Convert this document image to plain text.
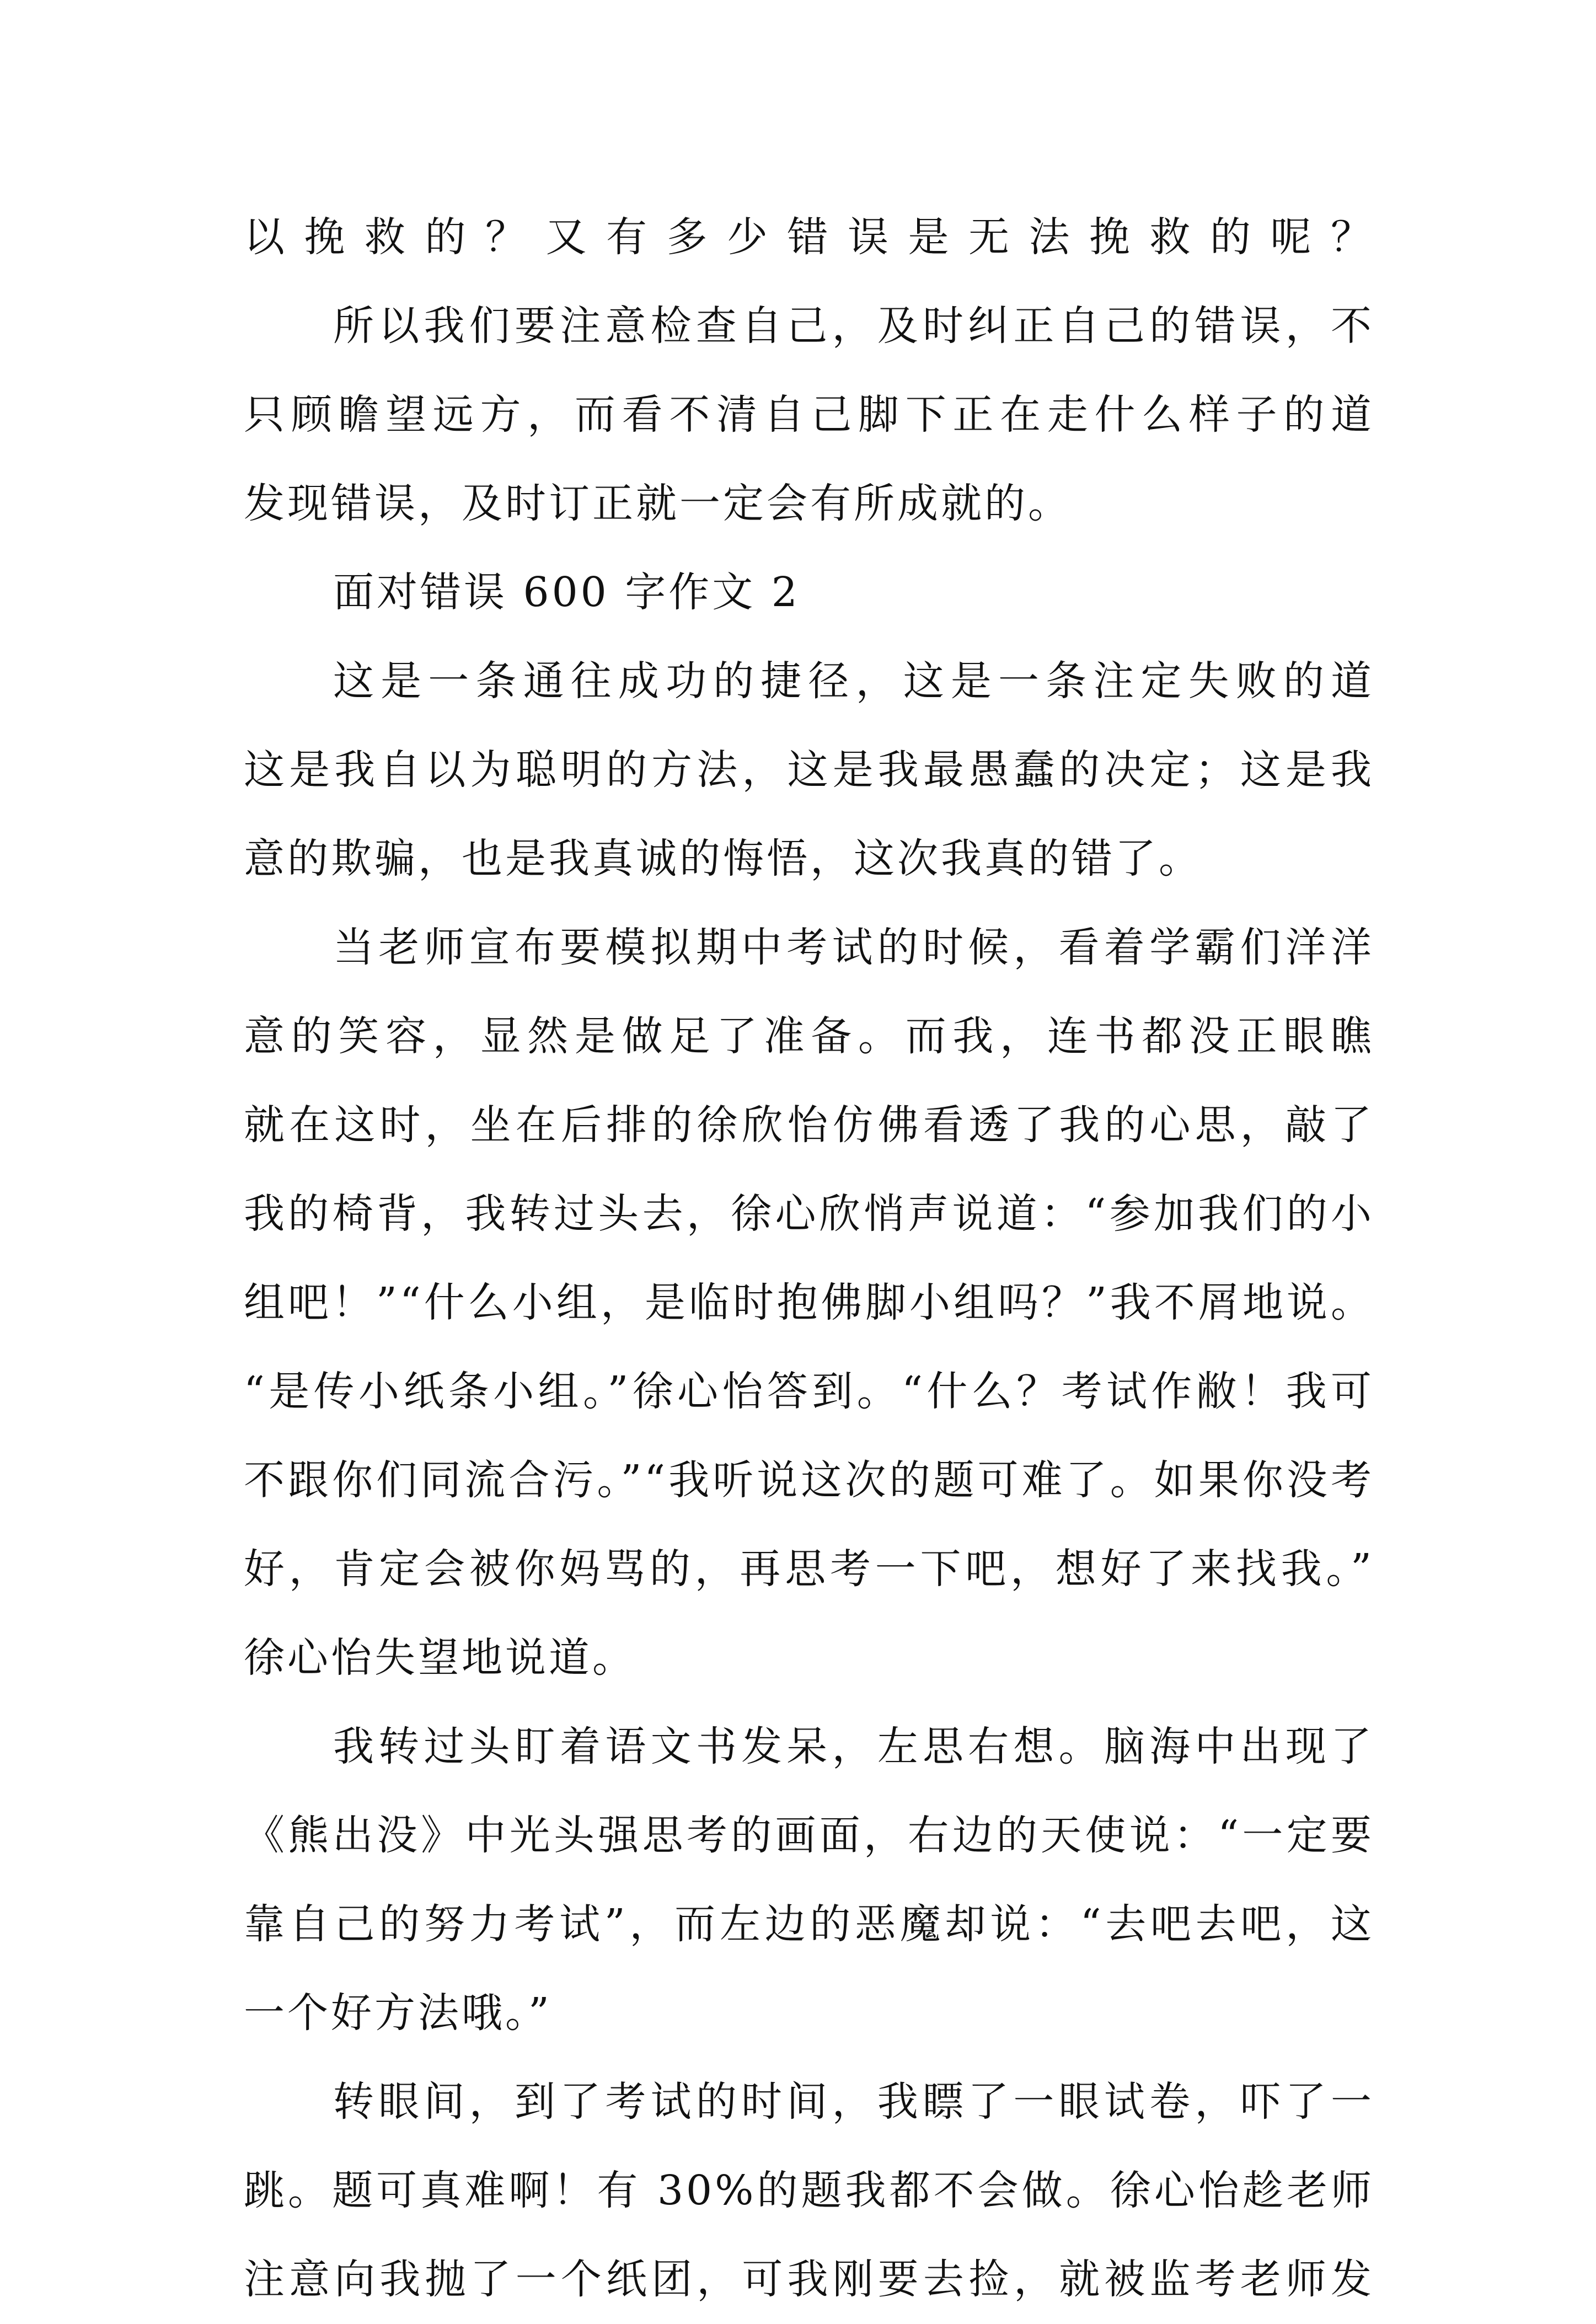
以挽救的？又有多少错误是无法挽救的呢？
所以我们要注意检查自己，及时纠正自己的错误，不
只顾瞻望远方，而看不清自己脚下正在走什么样子的道
发现错误，及时订正就一定会有所成就的。
面对错误 600 字作文 2
这是一条通往成功的捷径，这是一条注定失败的道
这是我自以为聪明的方法，这是我最愚蠢的决定；这是我
意的欺骗，也是我真诚的悔悟，这次我真的错了。
当老师宣布要模拟期中考试的时候，看着学霸们洋洋
意的笑容，显然是做足了准备。而我，连书都没正眼瞧
就在这时，坐在后排的徐欣怡仿佛看透了我的心思，敲了
我的椅背，我转过头去，徐心欣悄声说道：“参加我们的小
组吧！”“什么小组，是临时抱佛脚小组吗？”我不屑地说。
“是传小纸条小组。”徐心怡答到。“什么？考试作敝！我可
不跟你们同流合污。”“我听说这次的题可难了。如果你没考
好，肯定会被你妈骂的，再思考一下吧，想好了来找我。”
徐心怡失望地说道。
我转过头盯着语文书发呆，左思右想。脑海中出现了
《熊出没》中光头强思考的画面，右边的天使说：“一定要
靠自己的努力考试”，而左边的恶魔却说：“去吧去吧，这
一个好方法哦。”
转眼间，到了考试的时间，我瞟了一眼试卷，吓了一
跳。题可真难啊！有 30%的题我都不会做。徐心怡趁老师
注意向我抛了一个纸团，可我刚要去捡，就被监考老师发
